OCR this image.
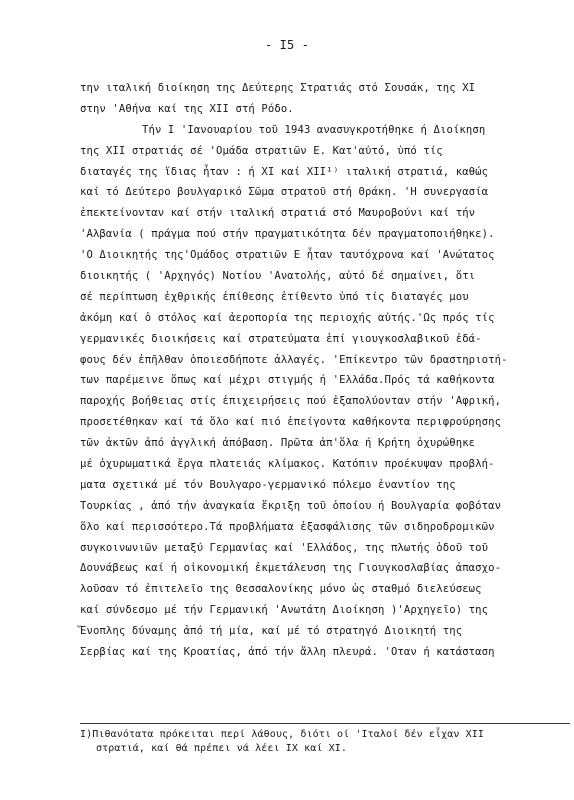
- I5 -
την ιταλική διοίκηση της Δεύτερης Στρατιάς στό Σουσάκ, της ΧΙ
στην 'Αθήνα καί της ΧΙΙ στή Ρόδο.
Τήν Ι 'Ιανουαρίου τοῦ 1943 ανασυγκροτήθηκε ή Διοίκηση
της ΧΙΙ στρατιάς σέ 'Ομάδα στρατιῶν Ε. Κατ'αὐτό, ὑπό τίς
διαταγές της ἴδιας ἦταν : ή ΧΙ καί ΧΙΙ¹⁾ ιταλική στρατιά, καθώς
καί τό Δεύτερο βουλγαρικό Σῶμα στρατοῦ στή Θράκη. 'Η συνεργασία
ἐπεκτείνονταν καί στήν ιταλική στρατιά στό Μαυροβούνι καί τήν
'Αλβανία ( πράγμα πού στήν πραγματικότητα δέν πραγματοποιήθηκε).
'Ο Διοικητής της'Ομάδος στρατιῶν Ε ἦταν ταυτόχρονα καί 'Ανώτατος
διοικητής ( 'Αρχηγός) Νοτίου 'Ανατολής, αὐτό δέ σημαίνει, ὅτι
σέ περίπτωση ἐχθρικής ἐπίθεσης ἐτίθεντο ὑπό τίς διαταγές μου
ἀκόμη καί ὁ στόλος καί ἀεροπορία της περιοχής αὐτής.'Ως πρός τίς
γερμανικές διοικήσεις καί στρατεύματα ἐπί γιουγκοσλαβικοῦ ἐδά-
φους δέν ἐπῆλθαν ὁποιεσδήποτε ἀλλαγές. 'Επίκεντρο τῶν δραστηριοτή-
των παρέμεινε ὅπως καί μέχρι στιγμής ή 'Ελλάδα.Πρός τά καθήκοντα
παροχής βοήθειας στίς ἐπιχειρήσεις πού ἐξαπολύονταν στήν 'Αφρική,
προσετέθηκαν καί τά ὅλο καί πιό ἐπείγοντα καθήκοντα περιφρούρησης
τῶν ἀκτῶν ἀπό ἀγγλική ἀπόβαση. Πρῶτα ἀπ'ὅλα ή Κρήτη ὀχυρώθηκε
μέ ὀχυρωματικά ἔργα πλατειάς κλίμακος. Κατόπιν προέκυψαν προβλή-
ματα σχετικά μέ τόν Βουλγαρο-γερμανικό πόλεμο ἐναντίον της
Τουρκίας , ἀπό τήν ἀναγκαία ἔκριξη τοῦ ὁποίου ή Βουλγαρία φοβόταν
ὅλο καί περισσότερο.Τά προβλήματα ἐξασφάλισης τῶν σιδηροδρομικῶν
συγκοινωνιῶν μεταξύ Γερμανίας καί 'Ελλάδος, της πλωτής ὁδοῦ τοῦ
Δουνάβεως καί ή οἰκονομική ἐκμετάλευση της Γιουγκοσλαβίας ἀπασχο-
λοῦσαν τό ἐπιτελεῖο της Θεσσαλονίκης μόνο ὡς σταθμό διελεύσεως
καί σύνδεσμο μέ τήν Γερμανική 'Ανωτάτη Διοίκηση )'Αρχηγεῖο) της
Ἔνοπλης δύναμης ἀπό τή μία, καί μέ τό στρατηγό Διοικητή της
Σερβίας καί της Κροατίας, ἀπό τήν ἄλλη πλευρά. 'Οταν ή κατάσταση
Ι)Πιθανότατα πρόκειται περί λάθους, διότι οί 'Ιταλοί δέν εἶχαν ΧΙΙ
στρατιά, καί θά πρέπει νά λέει ΙΧ καί ΧΙ.
